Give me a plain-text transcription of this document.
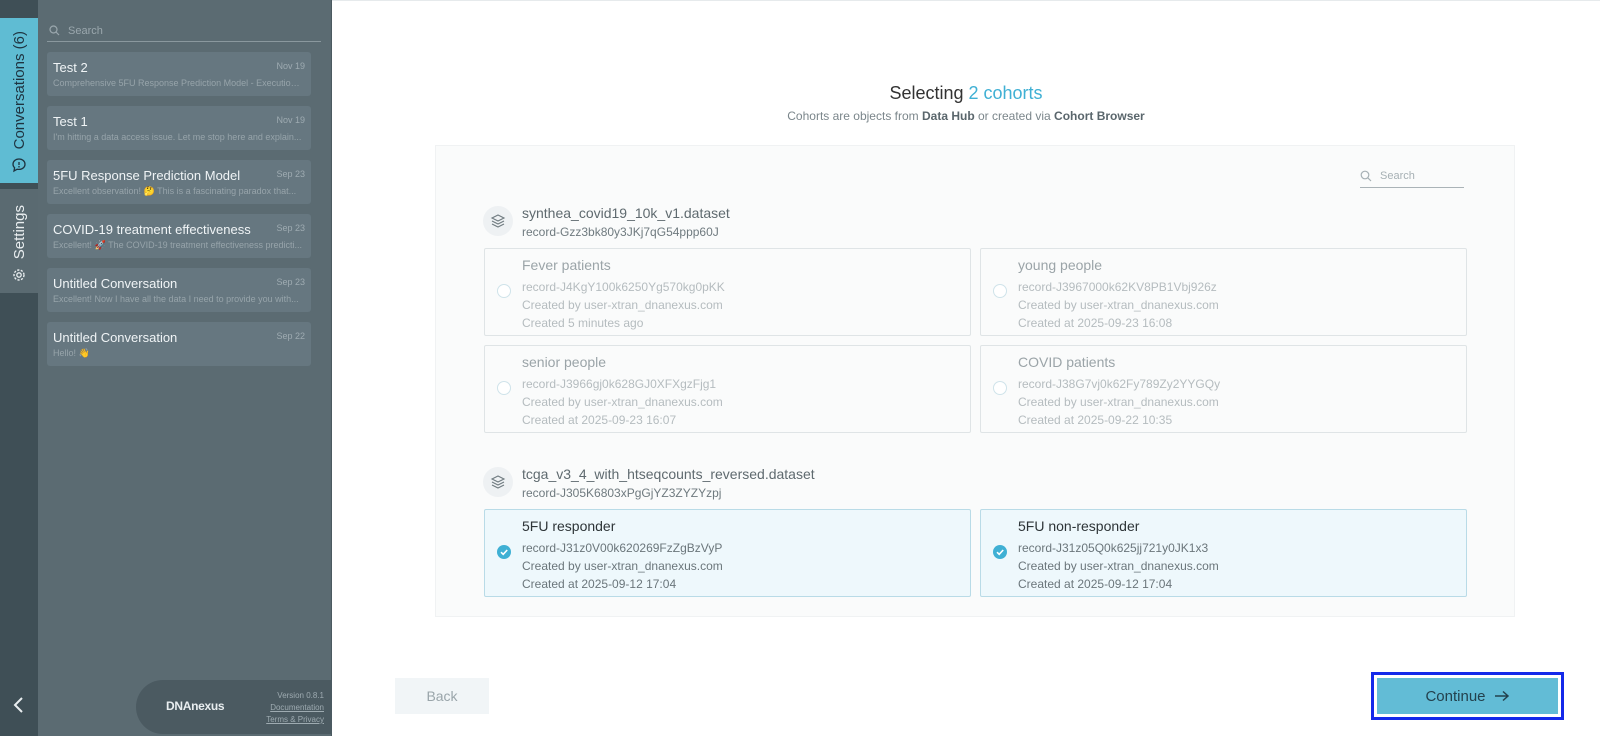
Conversations (6)
Settings
Search
Test 2	Nov 19
Comprehensive 5FU Response Prediction Model - Execution...
Test 1	Nov 19
I'm hitting a data access issue. Let me stop here and explain...
5FU Response Prediction Model	Sep 23
Excellent observation! 🤔 This is a fascinating paradox that...
COVID-19 treatment effectiveness	Sep 23
Excellent! 🚀 The COVID-19 treatment effectiveness predicti...
Untitled Conversation	Sep 23
Excellent! Now I have all the data I need to provide you with...
Untitled Conversation	Sep 22
Hello! 👋
DNAnexus
Version 0.8.1
Documentation
Terms & Privacy
Selecting 2 cohorts
Cohorts are objects from Data Hub or created via Cohort Browser
Search
synthea_covid19_10k_v1.dataset
record-Gzz3bk80y3JKj7qG54ppp60J
Fever patients
record-J4KgY100k6250Yg570kg0pKK
Created by user-xtran_dnanexus.com
Created 5 minutes ago
young people
record-J3967000k62KV8PB1Vbj926z
Created by user-xtran_dnanexus.com
Created at 2025-09-23 16:08
senior people
record-J3966gj0k628GJ0XFXgzFjg1
Created by user-xtran_dnanexus.com
Created at 2025-09-23 16:07
COVID patients
record-J38G7vj0k62Fy789Zy2YYGQy
Created by user-xtran_dnanexus.com
Created at 2025-09-22 10:35
tcga_v3_4_with_htseqcounts_reversed.dataset
record-J305K6803xPgGjYZ3ZYZYzpj
5FU responder
record-J31z0V00k620269FzZgBzVyP
Created by user-xtran_dnanexus.com
Created at 2025-09-12 17:04
5FU non-responder
record-J31z05Q0k625jj721y0JK1x3
Created by user-xtran_dnanexus.com
Created at 2025-09-12 17:04
Back	Continue
